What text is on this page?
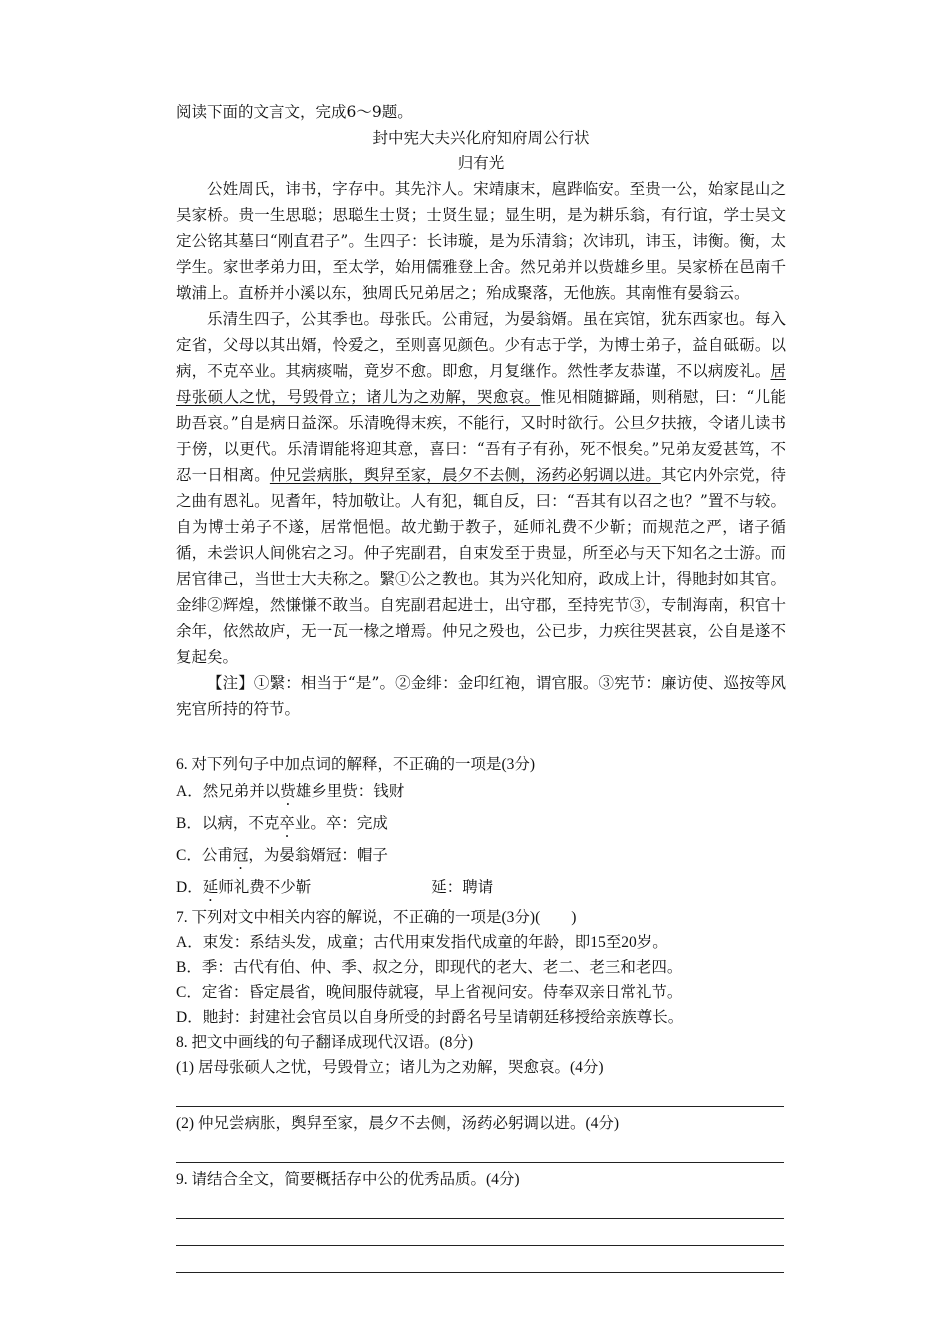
阅读下面的文言文，完成6～9题。
封中宪大夫兴化府知府周公行状
归有光

公姓周氏，讳书，字存中。其先汴人。宋靖康末，扈跸临安。至贵一公，始家昆山之吴家桥。贵一生思聪；思聪生士贤；士贤生显；显生明，是为耕乐翁，有行谊，学士吴文定公铭其墓曰“刚直君子”。生四子：长讳璇，是为乐清翁；次讳玑，讳玉，讳衡。衡，太学生。家世孝弟力田，至太学，始用儒雅登上舍。然兄弟并以赀雄乡里。吴家桥在邑南千墩浦上。直桥并小溪以东，独周氏兄弟居之；殆成聚落，无他族。其南惟有晏翁云。

乐清生四子，公其季也。母张氏。公甫冠，为晏翁婿。虽在宾馆，犹东西家也。每入定省，父母以其出婿，怜爱之，至则喜见颜色。少有志于学，为博士弟子，益自砥砺。以病，不克卒业。其病痰喘，竟岁不愈。即愈，月复继作。然性孝友恭谨，不以病废礼。居母张硕人之忧，号毁骨立；诸儿为之劝解，哭愈哀。惟见相随擗踊，则稍慰，曰：“儿能助吾哀。”自是病日益深。乐清晚得末疾，不能行，又时时欲行。公旦夕扶掖，令诸儿读书于傍，以更代。乐清谓能将迎其意，喜曰：“吾有子有孙，死不恨矣。”兄弟友爱甚笃，不忍一日相离。仲兄尝病胀，舆舁至家，晨夕不去侧，汤药必躬调以进。其它内外宗党，待之曲有恩礼。见耆年，特加敬让。人有犯，辄自反，曰：“吾其有以召之也？”置不与较。自为博士弟子不遂，居常悒悒。故尤勤于教子，延师礼费不少靳；而规范之严，诸子循循，未尝识人间佻宕之习。仲子宪副君，自束发至于贵显，所至必与天下知名之士游。而居官律己，当世士大夫称之。繄①公之教也。其为兴化知府，政成上计，得貤封如其官。金绯②辉煌，然慊慊不敢当。自宪副君起进士，出守郡，至持宪节③，专制海南，积官十余年，依然故庐，无一瓦一椽之增焉。仲兄之殁也，公已步，力疾往哭甚哀，公自是遂不复起矣。

【注】①繄：相当于“是”。②金绯：金印红袍，谓官服。③宪节：廉访使、巡按等风宪官所持的符节。

6. 对下列句子中加点词的解释，不正确的一项是(3分)
A．然兄弟并以赀雄乡里赀：钱财
B．以病，不克卒业。卒：完成
C．公甫冠，为晏翁婿冠：帽子
D．延师礼费不少靳	延：聘请
7. 下列对文中相关内容的解说，不正确的一项是(3分)(　　)
A．束发：系结头发，成童；古代用束发指代成童的年龄，即15至20岁。
B．季：古代有伯、仲、季、叔之分，即现代的老大、老二、老三和老四。
C．定省：昏定晨省，晚间服侍就寝，早上省视问安。侍奉双亲日常礼节。
D．貤封：封建社会官员以自身所受的封爵名号呈请朝廷移授给亲族尊长。
8. 把文中画线的句子翻译成现代汉语。(8分)
(1) 居母张硕人之忧，号毁骨立；诸儿为之劝解，哭愈哀。(4分)
(2) 仲兄尝病胀，舆舁至家，晨夕不去侧，汤药必躬调以进。(4分)
9. 请结合全文，简要概括存中公的优秀品质。(4分)
